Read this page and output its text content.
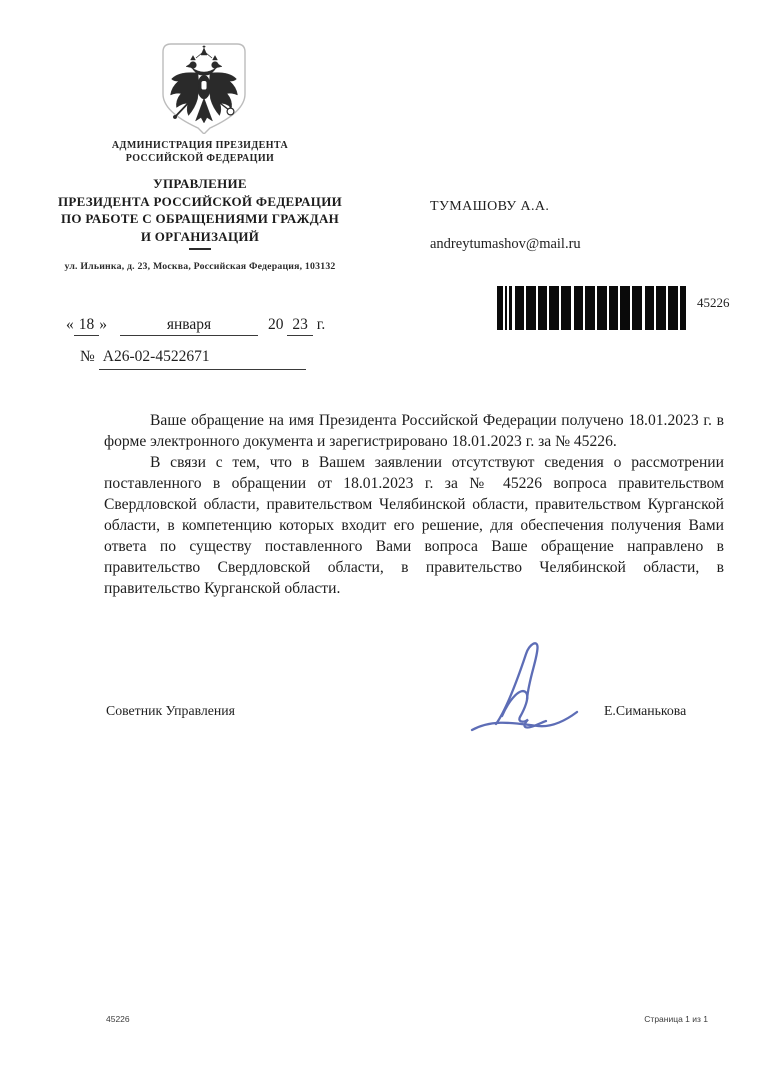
АДМИНИСТРАЦИЯ ПРЕЗИДЕНТА
РОССИЙСКОЙ ФЕДЕРАЦИИ
УПРАВЛЕНИЕ
ПРЕЗИДЕНТА РОССИЙСКОЙ ФЕДЕРАЦИИ
ПО РАБОТЕ С ОБРАЩЕНИЯМИ ГРАЖДАН
И ОРГАНИЗАЦИЙ
ул. Ильинка, д. 23, Москва, Российская Федерация, 103132
ТУМАШОВУ А.А.
andreytumashov@mail.ru
45226
« 18 »	января	20 23 г.
№ А26-02-4522671

Ваше обращение на имя Президента Российской Федерации получено 18.01.2023 г. в форме электронного документа и зарегистрировано 18.01.2023 г. за № 45226.

В связи с тем, что в Вашем заявлении отсутствуют сведения о рассмотрении поставленного в обращении от 18.01.2023 г. за № 45226 вопроса правительством Свердловской области, правительством Челябинской области, правительством Курганской области, в компетенцию которых входит его решение, для обеспечения получения Вами ответа по существу поставленного Вами вопроса Ваше обращение направлено в правительство Свердловской области, в правительство Челябинской области, в правительство Курганской области.

Советник Управления	Е.Симанькова
45226	Страница 1 из 1
